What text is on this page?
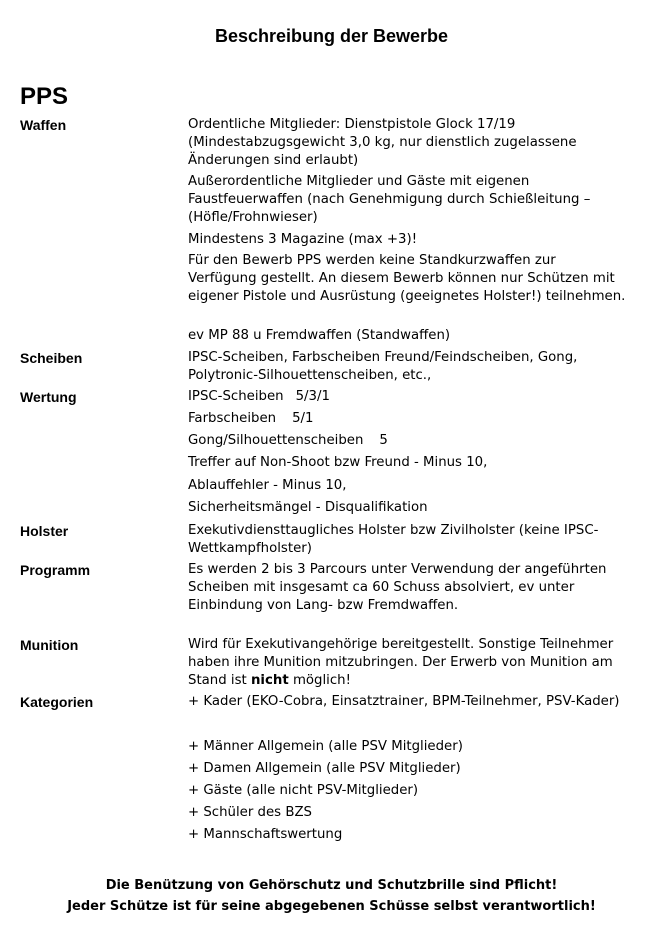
Beschreibung der Bewerbe
PPS
Waffen	Ordentliche Mitglieder: Dienstpistole Glock 17/19 (Mindestabzugsgewicht 3,0 kg, nur dienstlich zugelassene Änderungen sind erlaubt)
Außerordentliche Mitglieder und Gäste mit eigenen Faustfeuerwaffen (nach Genehmigung durch Schießleitung – (Höfle/Frohnwieser)
Mindestens 3 Magazine (max +3)!
Für den Bewerb PPS werden keine Standkurzwaffen zur Verfügung gestellt. An diesem Bewerb können nur Schützen mit eigener Pistole und Ausrüstung (geeignetes Holster!) teilnehmen.
ev MP 88 u Fremdwaffen (Standwaffen)
Scheiben	IPSC-Scheiben, Farbscheiben Freund/Feindscheiben, Gong, Polytronic-Silhouettenscheiben, etc.,
Wertung	IPSC-Scheiben 5/3/1
Farbscheiben 5/1
Gong/Silhouettenscheiben 5
Treffer auf Non-Shoot bzw Freund - Minus 10,
Ablauffehler - Minus 10,
Sicherheitsmängel - Disqualifikation
Holster	Exekutivdiensttaugliches Holster bzw Zivilholster (keine IPSC-Wettkampfholster)
Programm	Es werden 2 bis 3 Parcours unter Verwendung der angeführten Scheiben mit insgesamt ca 60 Schuss absolviert, ev unter Einbindung von Lang- bzw Fremdwaffen.
Munition	Wird für Exekutivangehörige bereitgestellt. Sonstige Teilnehmer haben ihre Munition mitzubringen. Der Erwerb von Munition am Stand ist nicht möglich!
Kategorien	+ Kader (EKO-Cobra, Einsatztrainer, BPM-Teilnehmer, PSV-Kader)
+ Männer Allgemein (alle PSV Mitglieder)
+ Damen Allgemein (alle PSV Mitglieder)
+ Gäste (alle nicht PSV-Mitglieder)
+ Schüler des BZS
+ Mannschaftswertung
Die Benützung von Gehörschutz und Schutzbrille sind Pflicht!
Jeder Schütze ist für seine abgegebenen Schüsse selbst verantwortlich!
